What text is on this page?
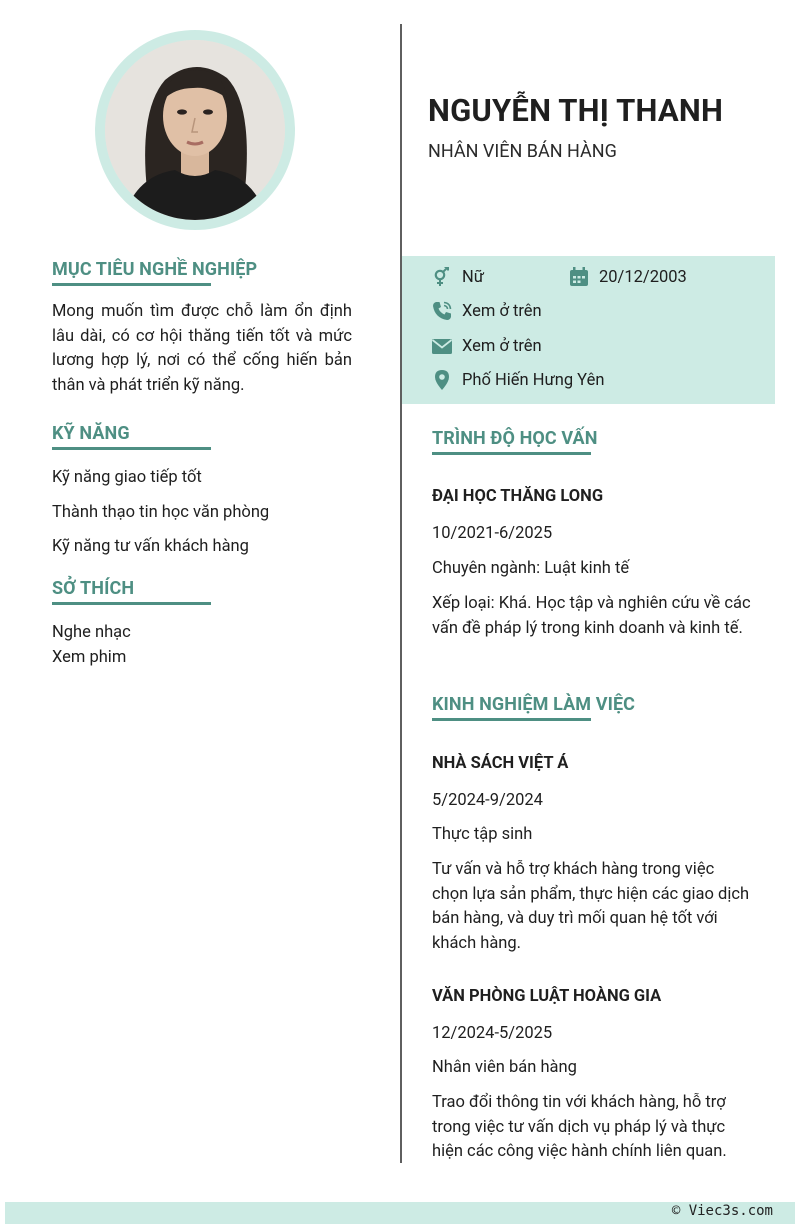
MỤC TIÊU NGHỀ NGHIỆP

Mong muốn tìm được chỗ làm ổn định lâu dài, có cơ hội thăng tiến tốt và mức lương hợp lý, nơi có thể cống hiến bản thân và phát triển kỹ năng.

KỸ NĂNG
Kỹ năng giao tiếp tốt
Thành thạo tin học văn phòng
Kỹ năng tư vấn khách hàng
SỞ THÍCH
Nghe nhạc
Xem phim
NGUYỄN THỊ THANH

NHÂN VIÊN BÁN HÀNG

Nữ	20/12/2003
Xem ở trên
Xem ở trên
Phố Hiến Hưng Yên
TRÌNH ĐỘ HỌC VẤN

ĐẠI HỌC THĂNG LONG

10/2021-6/2025

Chuyên ngành: Luật kinh tế

Xếp loại: Khá. Học tập và nghiên cứu về các vấn đề pháp lý trong kinh doanh và kinh tế.

KINH NGHIỆM LÀM VIỆC

NHÀ SÁCH VIỆT Á

5/2024-9/2024

Thực tập sinh

Tư vấn và hỗ trợ khách hàng trong việc chọn lựa sản phẩm, thực hiện các giao dịch bán hàng, và duy trì mối quan hệ tốt với khách hàng.

VĂN PHÒNG LUẬT HOÀNG GIA

12/2024-5/2025

Nhân viên bán hàng

Trao đổi thông tin với khách hàng, hỗ trợ trong việc tư vấn dịch vụ pháp lý và thực hiện các công việc hành chính liên quan.

© Viec3s.com
